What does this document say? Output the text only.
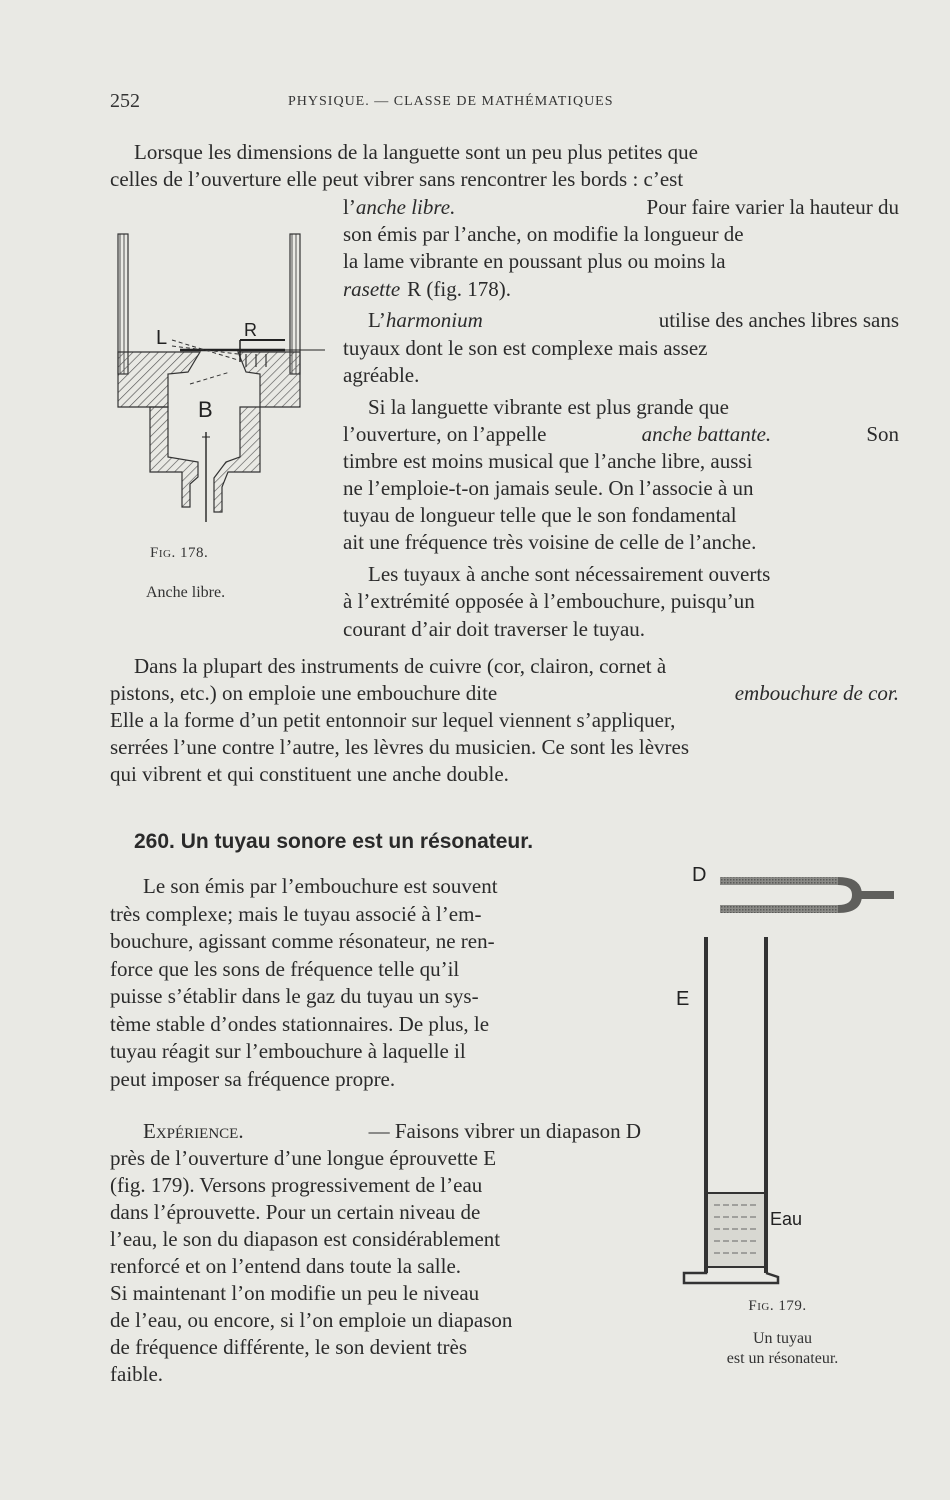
252	PHYSIQUE. — CLASSE DE MATHÉMATIQUES
Lorsque les dimensions de la languette sont un peu plus petites que
celles de l’ouverture elle peut vibrer sans rencontrer les bords : c’est
l’anche libre.	Pour faire varier la hauteur du
son émis par l’anche, on modifie la longueur de
la lame vibrante en poussant plus ou moins la
rasette R (fig. 178).
L’harmonium	utilise des anches libres sans
tuyaux dont le son est complexe mais assez
agréable.
Si la languette vibrante est plus grande que
l’ouverture, on l’appelle	anche battante.	Son
timbre est moins musical que l’anche libre, aussi
ne l’emploie-t-on jamais seule. On l’associe à un
tuyau de longueur telle que le son fondamental
ait une fréquence très voisine de celle de l’anche.
Les tuyaux à anche sont nécessairement ouverts
à l’extrémité opposée à l’embouchure, puisqu’un
courant d’air doit traverser le tuyau.
Dans la plupart des instruments de cuivre (cor, clairon, cornet à
pistons, etc.) on emploie une embouchure dite	embouchure de cor.
Elle a la forme d’un petit entonnoir sur lequel viennent s’appliquer,
serrées l’une contre l’autre, les lèvres du musicien. Ce sont les lèvres
qui vibrent et qui constituent une anche double.
260. Un tuyau sonore est un résonateur.
Le son émis par l’embouchure est souvent
très complexe; mais le tuyau associé à l’em-
bouchure, agissant comme résonateur, ne ren-
force que les sons de fréquence telle qu’il
puisse s’établir dans le gaz du tuyau un sys-
tème stable d’ondes stationnaires. De plus, le
tuyau réagit sur l’embouchure à laquelle il
peut imposer sa fréquence propre.
Expérience.	— Faisons vibrer un diapason D
près de l’ouverture d’une longue éprouvette E
(fig. 179). Versons progressivement de l’eau
dans l’éprouvette. Pour un certain niveau de
l’eau, le son du diapason est considérablement
renforcé et on l’entend dans toute la salle.
Si maintenant l’on modifie un peu le niveau
de l’eau, ou encore, si l’on emploie un diapason
de fréquence différente, le son devient très
faible.
L	R
B
Fig. 178.
Anche libre.
D
E
Eau
Fig. 179.
Un tuyau
est un résonateur.
